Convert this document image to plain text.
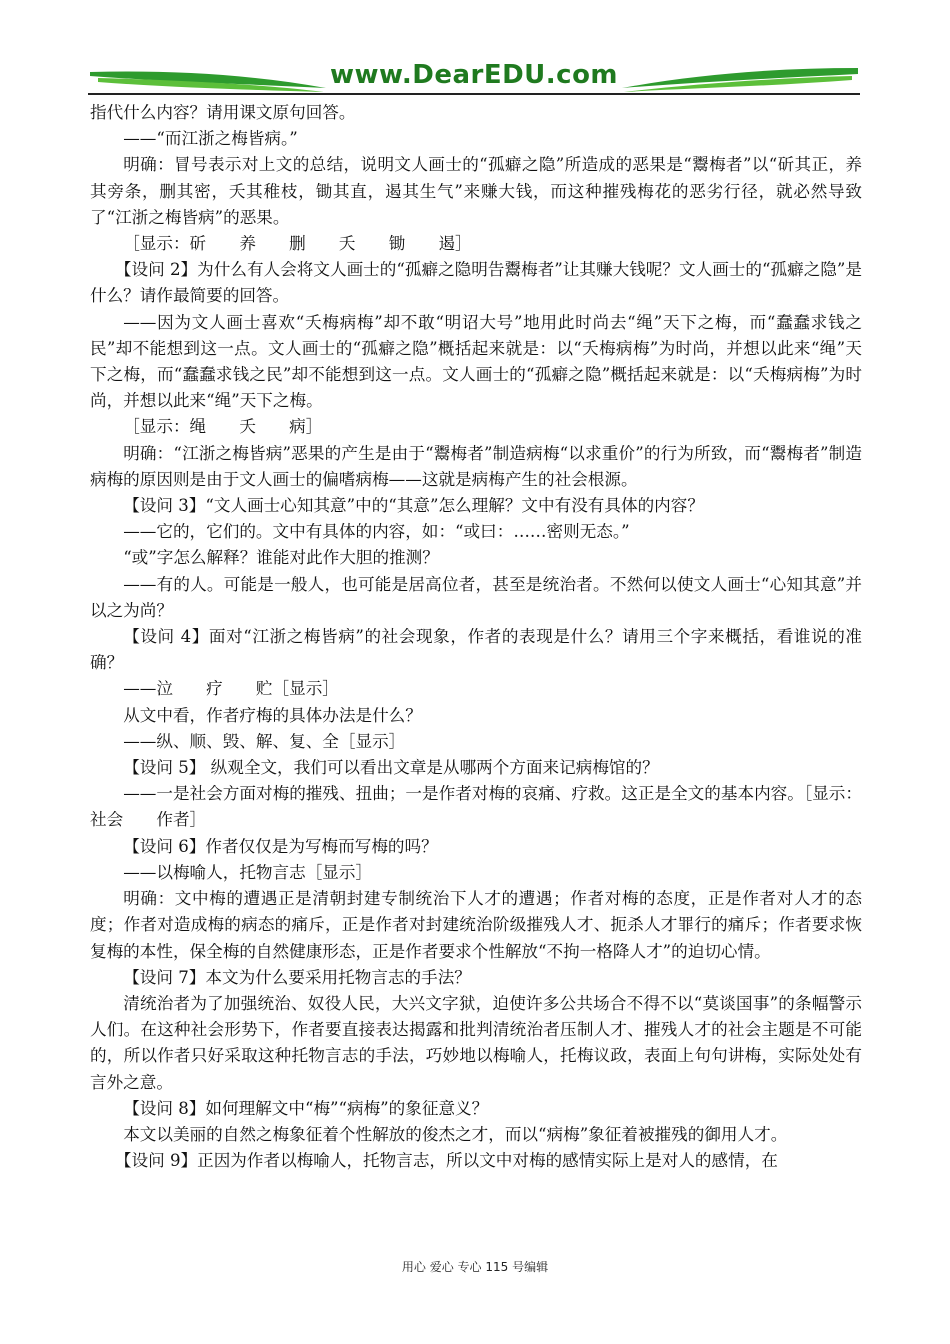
www.DearEDU.com

指代什么内容？请用课文原句回答。

——“而江浙之梅皆病。”

明确：冒号表示对上文的总结，说明文人画士的“孤癖之隐”所造成的恶果是“鬻梅者”以“斫其正，养其旁条，删其密，夭其稚枝，锄其直，遏其生气”来赚大钱，而这种摧残梅花的恶劣行径，就必然导致了“江浙之梅皆病”的恶果。

［显示：斫　　养　　删　　夭　　锄　　遏］

【设问 2】为什么有人会将文人画士的“孤癖之隐明告鬻梅者”让其赚大钱呢？文人画士的“孤癖之隐”是什么？请作最简要的回答。

——因为文人画士喜欢“夭梅病梅”却不敢“明诏大号”地用此时尚去“绳”天下之梅，而“蠢蠢求钱之民”却不能想到这一点。文人画士的“孤癖之隐”概括起来就是：以“夭梅病梅”为时尚，并想以此来“绳”天下之梅，而“蠢蠢求钱之民”却不能想到这一点。文人画士的“孤癖之隐”概括起来就是：以“夭梅病梅”为时尚，并想以此来“绳”天下之梅。

［显示：绳　　夭　　病］

明确：“江浙之梅皆病”恶果的产生是由于“鬻梅者”制造病梅“以求重价”的行为所致，而“鬻梅者”制造病梅的原因则是由于文人画士的偏嗜病梅——这就是病梅产生的社会根源。

【设问 3】“文人画士心知其意”中的“其意”怎么理解？文中有没有具体的内容？

——它的，它们的。文中有具体的内容，如：“或曰：……密则无态。”

“或”字怎么解释？谁能对此作大胆的推测？

——有的人。可能是一般人，也可能是居高位者，甚至是统治者。不然何以使文人画士“心知其意”并以之为尚？

【设问 4】面对“江浙之梅皆病”的社会现象，作者的表现是什么？请用三个字来概括，看谁说的准确？

——泣　　疗　　贮［显示］

从文中看，作者疗梅的具体办法是什么？

——纵、顺、毁、解、复、全［显示］

【设问 5】 纵观全文，我们可以看出文章是从哪两个方面来记病梅馆的？

——一是社会方面对梅的摧残、扭曲；一是作者对梅的哀痛、疗救。这正是全文的基本内容。［显示：社会　　作者］

【设问 6】作者仅仅是为写梅而写梅的吗？

——以梅喻人，托物言志［显示］

明确：文中梅的遭遇正是清朝封建专制统治下人才的遭遇；作者对梅的态度，正是作者对人才的态度；作者对造成梅的病态的痛斥，正是作者对封建统治阶级摧残人才、扼杀人才罪行的痛斥；作者要求恢复梅的本性，保全梅的自然健康形态，正是作者要求个性解放“不拘一格降人才”的迫切心情。

【设问 7】本文为什么要采用托物言志的手法？

清统治者为了加强统治、奴役人民，大兴文字狱，迫使许多公共场合不得不以“莫谈国事”的条幅警示人们。在这种社会形势下，作者要直接表达揭露和批判清统治者压制人才、摧残人才的社会主题是不可能的，所以作者只好采取这种托物言志的手法，巧妙地以梅喻人，托梅议政，表面上句句讲梅，实际处处有言外之意。

【设问 8】如何理解文中“梅”“病梅”的象征意义？

本文以美丽的自然之梅象征着个性解放的俊杰之才，而以“病梅”象征着被摧残的御用人才。

【设问 9】正因为作者以梅喻人，托物言志，所以文中对梅的感情实际上是对人的感情，在

用心 爱心 专心 115 号编辑
